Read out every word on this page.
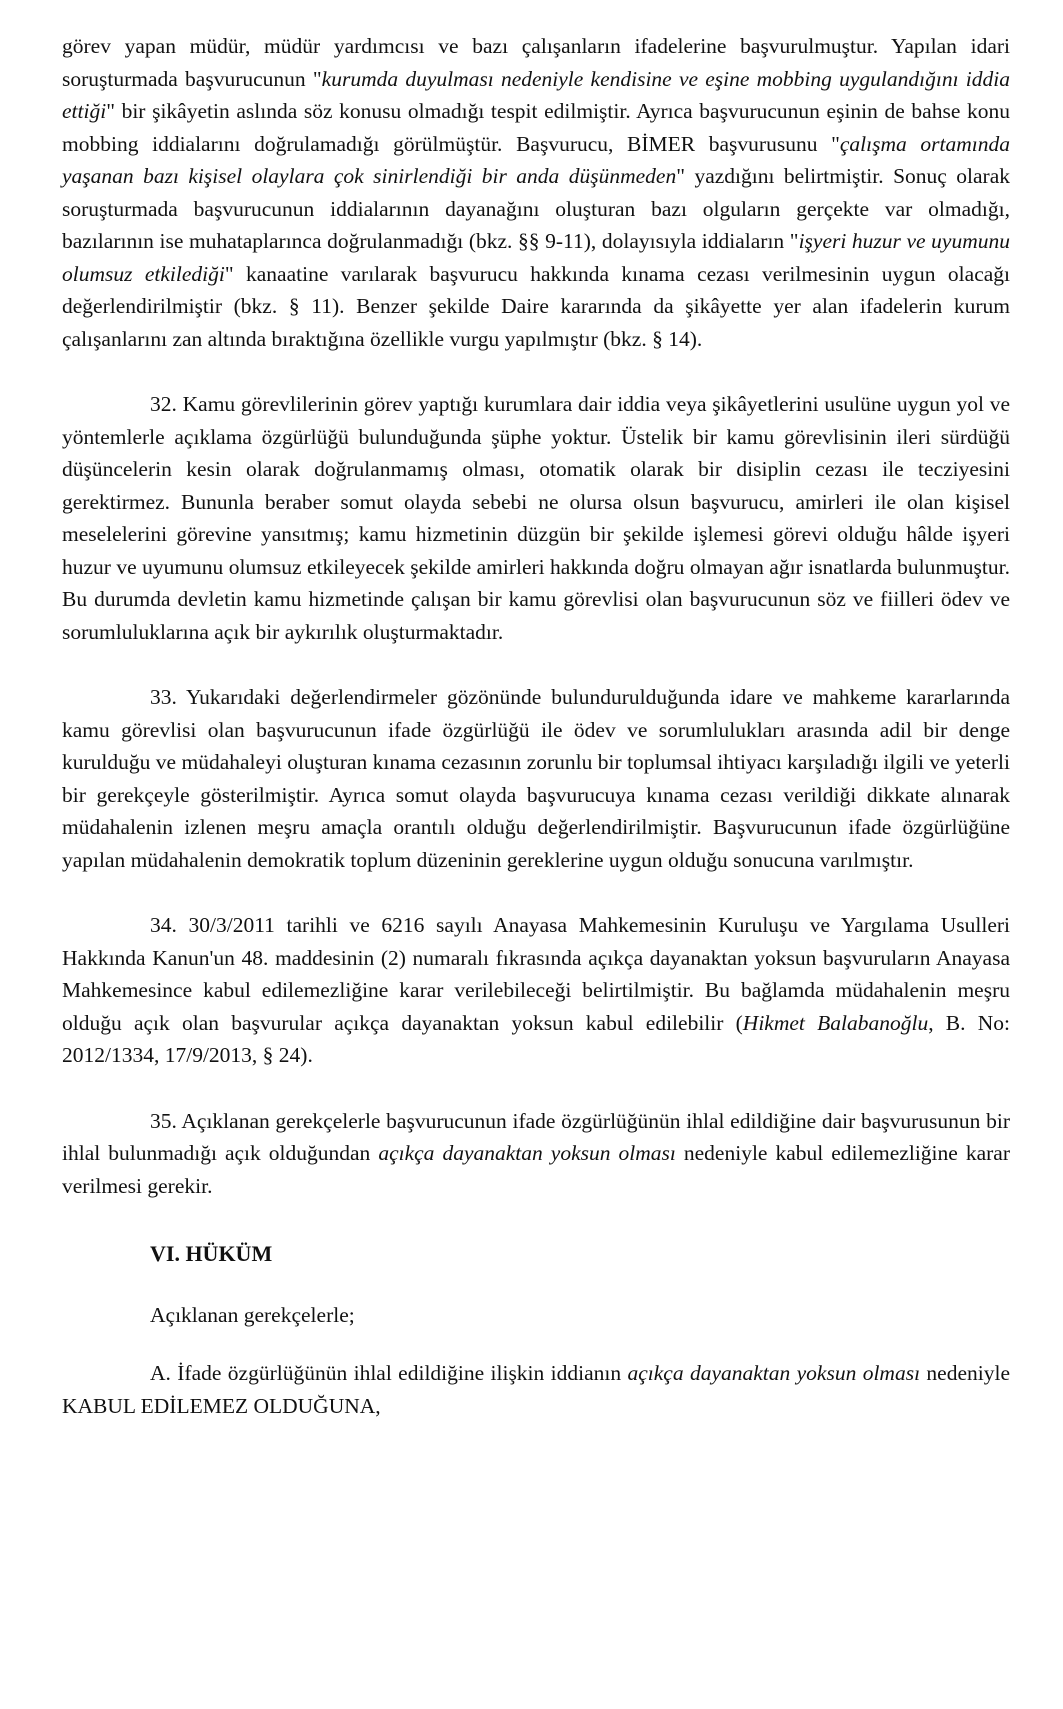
görev yapan müdür, müdür yardımcısı ve bazı çalışanların ifadelerine başvurulmuştur. Yapılan idari soruşturmada başvurucunun "kurumda duyulması nedeniyle kendisine ve eşine mobbing uygulandığını iddia ettiği" bir şikâyetin aslında söz konusu olmadığı tespit edilmiştir. Ayrıca başvurucunun eşinin de bahse konu mobbing iddialarını doğrulamadığı görülmüştür. Başvurucu, BİMER başvurusunu "çalışma ortamında yaşanan bazı kişisel olaylara çok sinirlendiği bir anda düşünmeden" yazdığını belirtmiştir. Sonuç olarak soruşturmada başvurucunun iddialarının dayanağını oluşturan bazı olguların gerçekte var olmadığı, bazılarının ise muhataplarınca doğrulanmadığı (bkz. §§ 9-11), dolayısıyla iddiaların "işyeri huzur ve uyumunu olumsuz etkilediği" kanaatine varılarak başvurucu hakkında kınama cezası verilmesinin uygun olacağı değerlendirilmiştir (bkz. § 11). Benzer şekilde Daire kararında da şikâyette yer alan ifadelerin kurum çalışanlarını zan altında bıraktığına özellikle vurgu yapılmıştır (bkz. § 14).

32. Kamu görevlilerinin görev yaptığı kurumlara dair iddia veya şikâyetlerini usulüne uygun yol ve yöntemlerle açıklama özgürlüğü bulunduğunda şüphe yoktur. Üstelik bir kamu görevlisinin ileri sürdüğü düşüncelerin kesin olarak doğrulanmamış olması, otomatik olarak bir disiplin cezası ile tecziyesini gerektirmez. Bununla beraber somut olayda sebebi ne olursa olsun başvurucu, amirleri ile olan kişisel meselelerini görevine yansıtmış; kamu hizmetinin düzgün bir şekilde işlemesi görevi olduğu hâlde işyeri huzur ve uyumunu olumsuz etkileyecek şekilde amirleri hakkında doğru olmayan ağır isnatlarda bulunmuştur. Bu durumda devletin kamu hizmetinde çalışan bir kamu görevlisi olan başvurucunun söz ve fiilleri ödev ve sorumluluklarına açık bir aykırılık oluşturmaktadır.

33. Yukarıdaki değerlendirmeler gözönünde bulundurulduğunda idare ve mahkeme kararlarında kamu görevlisi olan başvurucunun ifade özgürlüğü ile ödev ve sorumlulukları arasında adil bir denge kurulduğu ve müdahaleyi oluşturan kınama cezasının zorunlu bir toplumsal ihtiyacı karşıladığı ilgili ve yeterli bir gerekçeyle gösterilmiştir. Ayrıca somut olayda başvurucuya kınama cezası verildiği dikkate alınarak müdahalenin izlenen meşru amaçla orantılı olduğu değerlendirilmiştir. Başvurucunun ifade özgürlüğüne yapılan müdahalenin demokratik toplum düzeninin gereklerine uygun olduğu sonucuna varılmıştır.

34. 30/3/2011 tarihli ve 6216 sayılı Anayasa Mahkemesinin Kuruluşu ve Yargılama Usulleri Hakkında Kanun'un 48. maddesinin (2) numaralı fıkrasında açıkça dayanaktan yoksun başvuruların Anayasa Mahkemesince kabul edilemezliğine karar verilebileceği belirtilmiştir. Bu bağlamda müdahalenin meşru olduğu açık olan başvurular açıkça dayanaktan yoksun kabul edilebilir (Hikmet Balabanoğlu, B. No: 2012/1334, 17/9/2013, § 24).

35. Açıklanan gerekçelerle başvurucunun ifade özgürlüğünün ihlal edildiğine dair başvurusunun bir ihlal bulunmadığı açık olduğundan açıkça dayanaktan yoksun olması nedeniyle kabul edilemezliğine karar verilmesi gerekir.

VI. HÜKÜM

Açıklanan gerekçelerle;

A. İfade özgürlüğünün ihlal edildiğine ilişkin iddianın açıkça dayanaktan yoksun olması nedeniyle KABUL EDİLEMEZ OLDUĞUNA,
